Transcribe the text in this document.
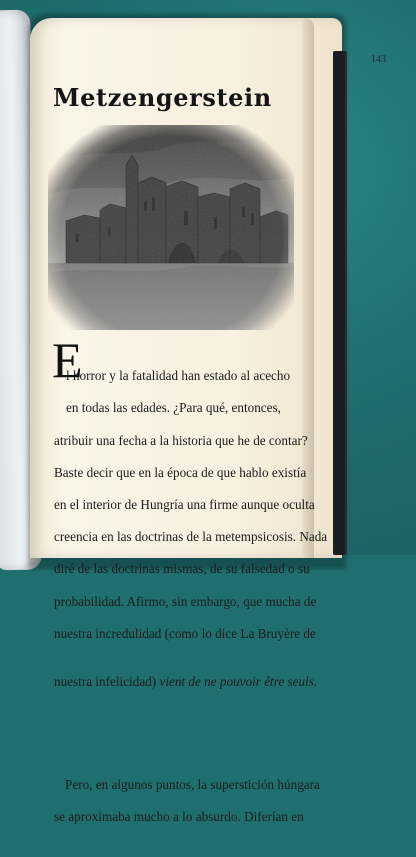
143
Metzengerstein
E

l horror y la fatalidad han estado al acecho

en todas las edades. ¿Para qué, entonces,

atribuir una fecha a la historia que he de contar?

Baste decir que en la época de que hablo existía

en el interior de Hungría una firme aunque oculta

creencia en las doctrinas de la metempsicosis. Nada

diré de las doctrinas mismas, de su falsedad o su

probabilidad. Afirmo, sin embargo, que mucha de

nuestra incredulidad (como lo dice La Bruyère de

nuestra infelicidad) vient de ne pouvoir être seuls.

Pero, en algunos puntos, la superstición húngara

se aproximaba mucho a lo absurdo. Diferían en
